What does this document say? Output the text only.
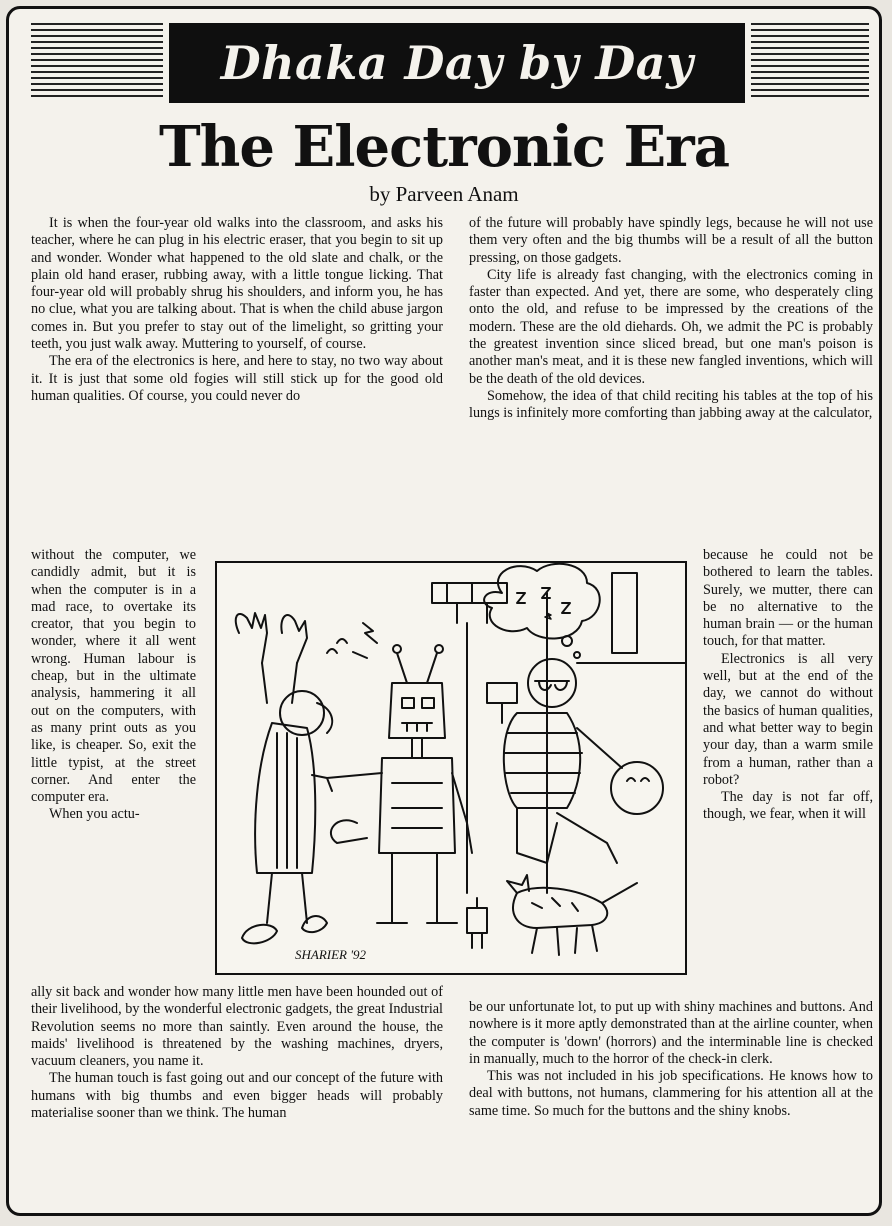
Dhaka Day by Day
The Electronic Era
by Parveen Anam

It is when the four-year old walks into the classroom, and asks his teacher, where he can plug in his electric eraser, that you begin to sit up and wonder. Wonder what happened to the old slate and chalk, or the plain old hand eraser, rubbing away, with a little tongue licking. That four-year old will probably shrug his shoulders, and inform you, he has no clue, what you are talking about. That is when the child abuse jargon comes in. But you prefer to stay out of the limelight, so gritting your teeth, you just walk away. Muttering to yourself, of course.

The era of the electronics is here, and here to stay, no two way about it. It is just that some old fogies will still stick up for the good old human qualities. Of course, you could never do

without the computer, we candidly admit, but it is when the computer is in a mad race, to overtake its creator, that you begin to wonder, where it all went wrong. Human labour is cheap, but in the ultimate analysis, hammering it all out on the computers, with as many print outs as you like, is cheaper. So, exit the little typist, at the street corner. And enter the computer era.

When you actu-

ally sit back and wonder how many little men have been hounded out of their livelihood, by the wonderful electronic gadgets, the great Industrial Revolution seems no more than saintly. Even around the house, the maids' livelihood is threatened by the washing machines, dryers, vacuum cleaners, you name it.

The human touch is fast going out and our concept of the future with humans with big thumbs and even bigger heads will probably materialise sooner than we think. The human

of the future will probably have spindly legs, because he will not use them very often and the big thumbs will be a result of all the button pressing, on those gadgets.

City life is already fast changing, with the electronics coming in faster than expected. And yet, there are some, who desperately cling onto the old, and refuse to be impressed by the creations of the modern. These are the old diehards. Oh, we admit the PC is probably the greatest invention since sliced bread, but one man's poison is another man's meat, and it is these new fangled inventions, which will be the death of the old devices.

Somehow, the idea of that child reciting his tables at the top of his lungs is infinitely more comforting than jabbing away at the calculator,

because he could not be bothered to learn the tables. Surely, we mutter, there can be no alternative to the human brain — or the human touch, for that matter.

Electronics is all very well, but at the end of the day, we cannot do without the basics of human qualities, and what better way to begin your day, than a warm smile from a human, rather than a robot?

The day is not far off, though, we fear, when it will

be our unfortunate lot, to put up with shiny machines and buttons. And nowhere is it more aptly demonstrated than at the airline counter, when the computer is 'down' (horrors) and the interminable line is checked in manually, much to the horror of the check-in clerk.

This was not included in his job specifications. He knows how to deal with buttons, not humans, clammering for his attention all at the same time. So much for the buttons and the shiny knobs.

SHARIER '92
